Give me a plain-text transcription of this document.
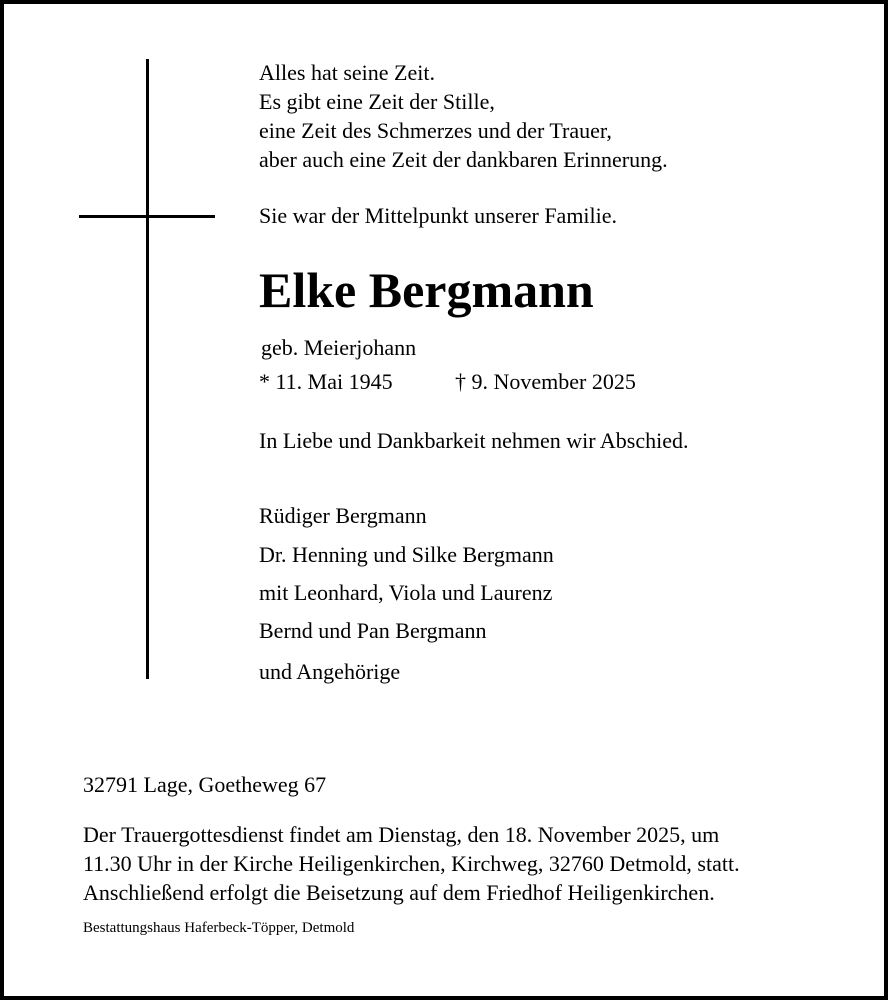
Alles hat seine Zeit.
Es gibt eine Zeit der Stille,
eine Zeit des Schmerzes und der Trauer,
aber auch eine Zeit der dankbaren Erinnerung.
Sie war der Mittelpunkt unserer Familie.
Elke Bergmann
geb. Meierjohann
* 11. Mai 1945	† 9. November 2025
In Liebe und Dankbarkeit nehmen wir Abschied.
Rüdiger Bergmann
Dr. Henning und Silke Bergmann
mit Leonhard, Viola und Laurenz
Bernd und Pan Bergmann
und Angehörige
32791 Lage, Goetheweg 67
Der Trauergottesdienst findet am Dienstag, den 18. November 2025, um
11.30 Uhr in der Kirche Heiligenkirchen, Kirchweg, 32760 Detmold, statt.
Anschließend erfolgt die Beisetzung auf dem Friedhof Heiligenkirchen.
Bestattungshaus Haferbeck-Töpper, Detmold
